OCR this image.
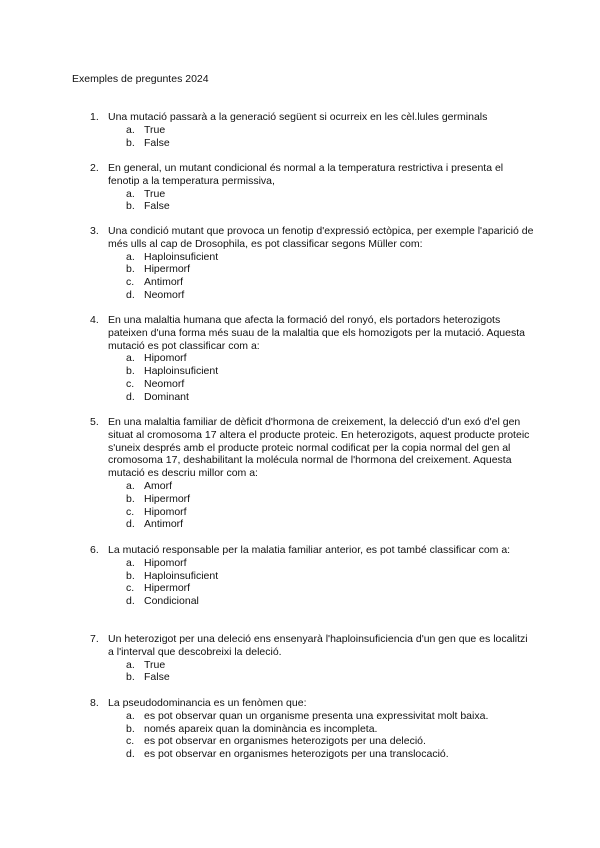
Exemples de preguntes 2024
1. Una mutació passarà a la generació següent si ocurreix en les cèl.lules germinals
a. True
b. False
2. En general, un mutant condicional és normal a la temperatura restrictiva i presenta el fenotip a la temperatura permissiva,
a. True
b. False
3. Una condició mutant que provoca un fenotip d'expressió ectòpica, per exemple l'aparició de més ulls al cap de Drosophila, es pot classificar segons Müller com:
a. Haploinsuficient
b. Hipermorf
c. Antimorf
d. Neomorf
4. En una malaltia humana que afecta la formació del ronyó, els portadors heterozigots pateixen d'una forma més suau de la malaltia que els homozigots per la mutació. Aquesta mutació es pot classificar com a:
a. Hipomorf
b. Haploinsuficient
c. Neomorf
d. Dominant
5. En una malaltia familiar de dèficit d'hormona de creixement, la delecció d'un exó d'el gen situat al cromosoma 17 altera el producte proteic. En heterozigots, aquest producte proteic s'uneix després amb el producte proteic normal codificat per la copia normal del gen al cromosoma 17, deshabilitant la molécula normal de l'hormona del creixement. Aquesta mutació es descriu millor com a:
a. Amorf
b. Hipermorf
c. Hipomorf
d. Antimorf
6. La mutació responsable per la malatia familiar anterior, es pot també classificar com a:
a. Hipomorf
b. Haploinsuficient
c. Hipermorf
d. Condicional
7. Un heterozigot per una deleció ens ensenyarà l'haploinsuficiencia d'un gen que es localitzi a l'interval que descobreixi la deleció.
a. True
b. False
8. La pseudodominancia es un fenòmen que:
a. es pot observar quan un organisme presenta una expressivitat molt baixa.
b. només apareix quan la dominància es incompleta.
c. es pot observar en organismes heterozigots per una deleció.
d. es pot observar en organismes heterozigots per una translocació.
